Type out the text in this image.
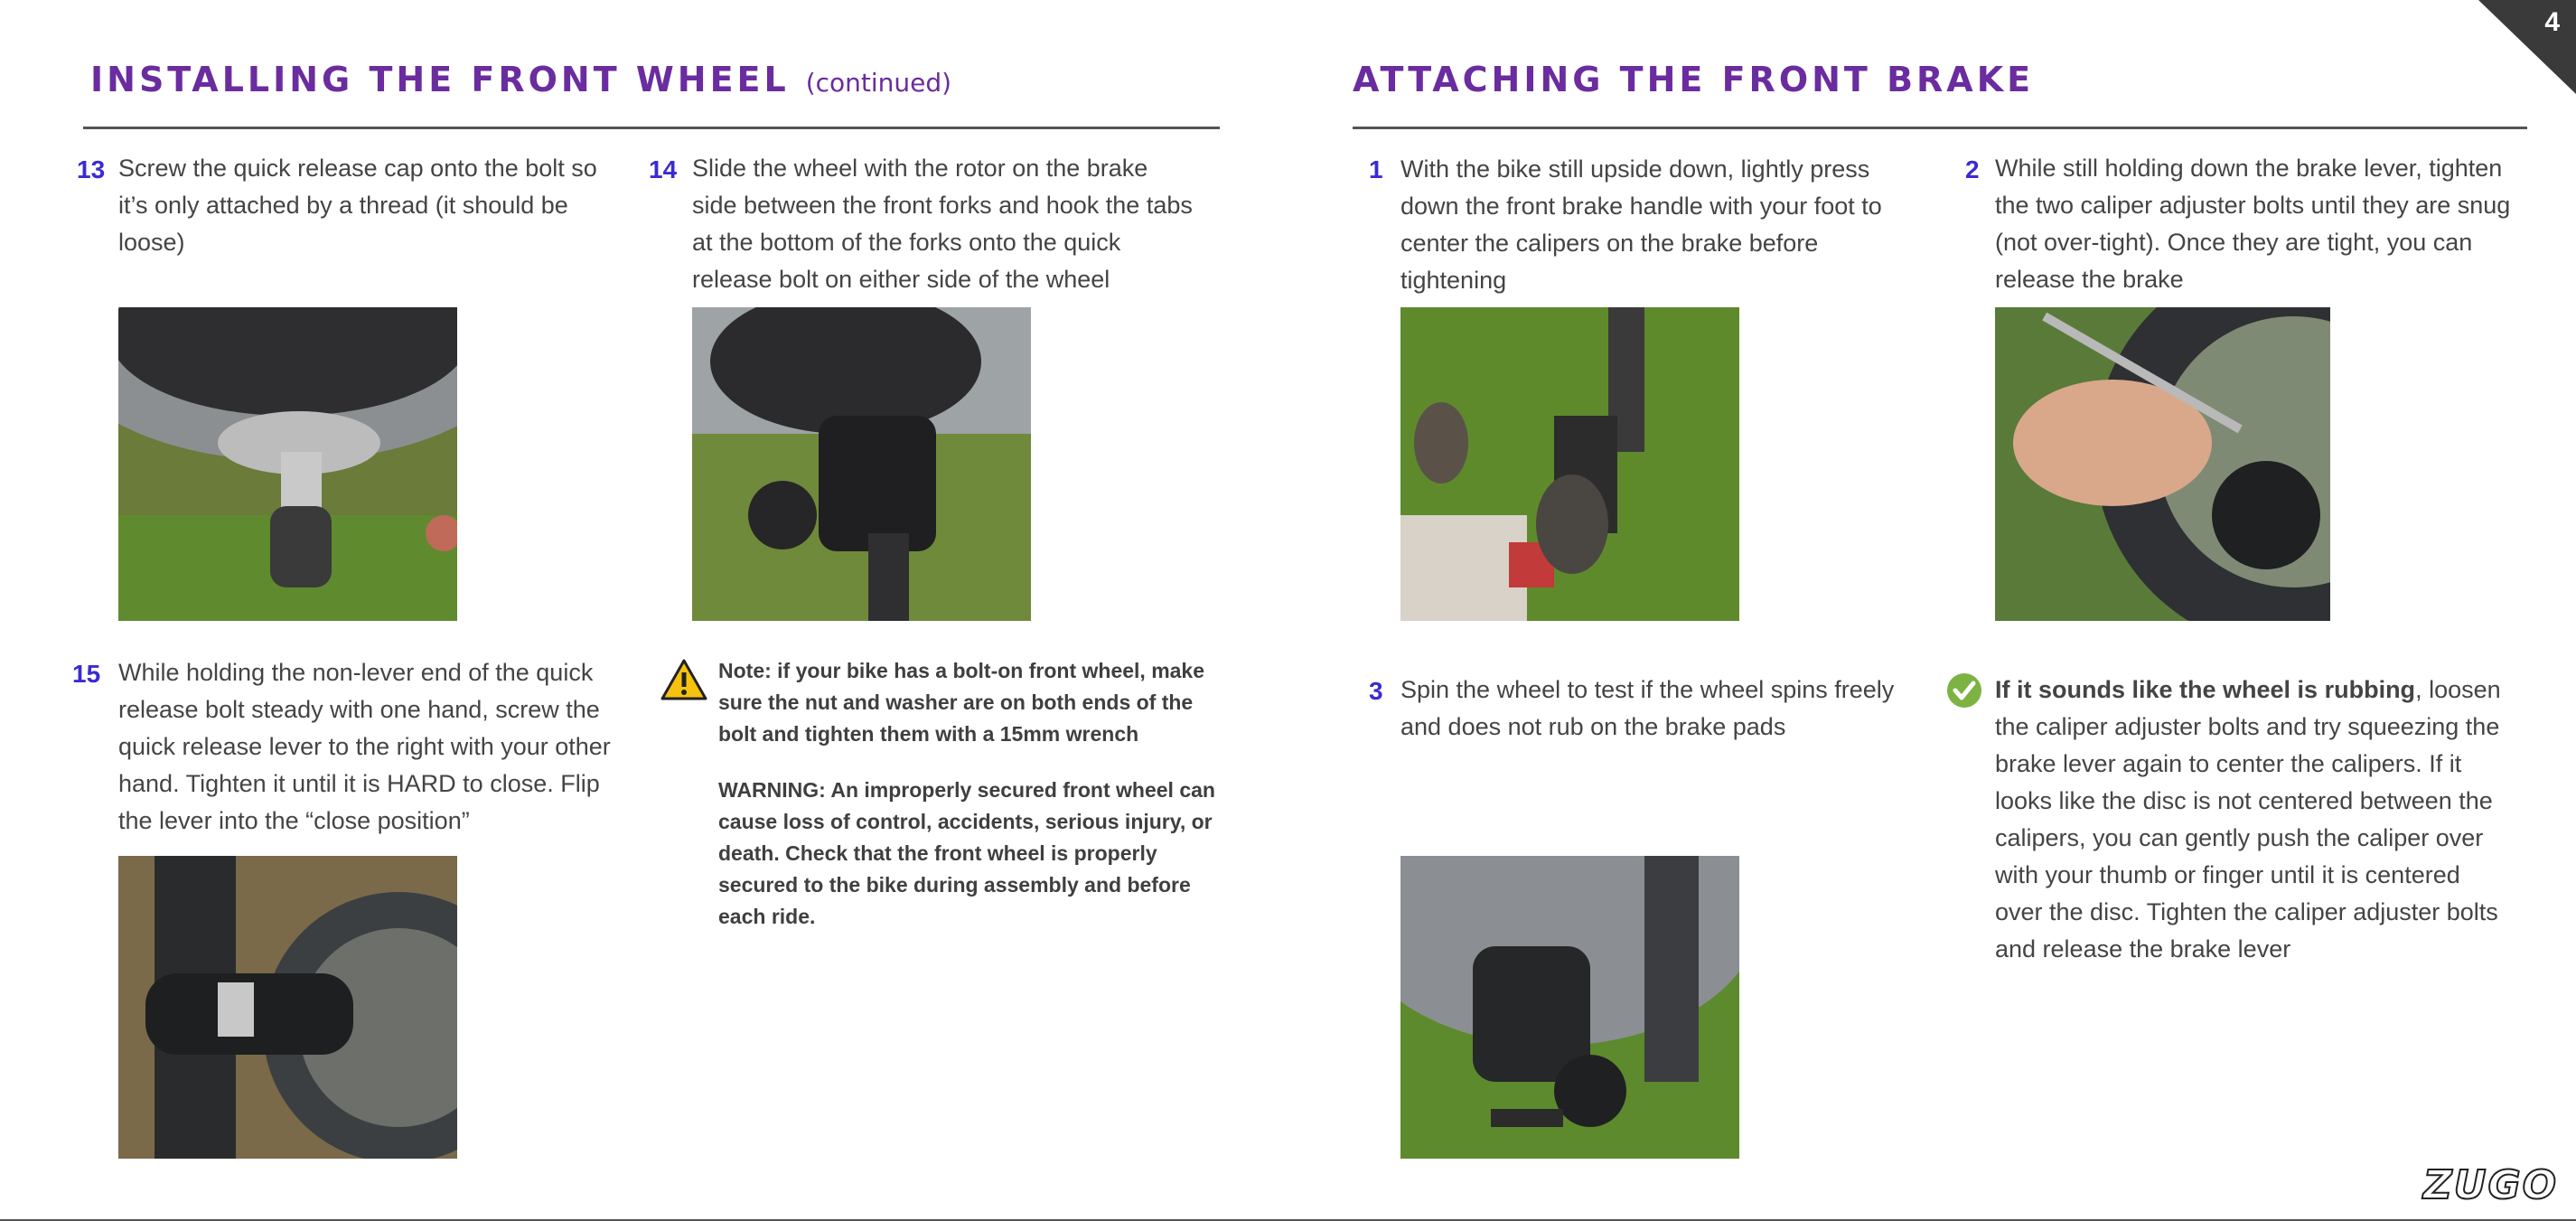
4
INSTALLING THE FRONT WHEEL (continued)
13 Screw the quick release cap onto the bolt so it’s only attached by a thread (it should be loose)
14 Slide the wheel with the rotor on the brake side between the front forks and hook the tabs at the bottom of the forks onto the quick release bolt on either side of the wheel
15 While holding the non-lever end of the quick release bolt steady with one hand, screw the quick release lever to the right with your other hand. Tighten it until it is HARD to close. Flip the lever into the “close position”
Note: if your bike has a bolt-on front wheel, make sure the nut and washer are on both ends of the bolt and tighten them with a 15mm wrench
WARNING: An improperly secured front wheel can cause loss of control, accidents, serious injury, or death. Check that the front wheel is properly secured to the bike during assembly and before each ride.
ATTACHING THE FRONT BRAKE
1 With the bike still upside down, lightly press down the front brake handle with your foot to center the calipers on the brake before tightening
2 While still holding down the brake lever, tighten the two caliper adjuster bolts until they are snug (not over-tight). Once they are tight, you can release the brake
3 Spin the wheel to test if the wheel spins freely and does not rub on the brake pads
If it sounds like the wheel is rubbing, loosen the caliper adjuster bolts and try squeezing the brake lever again to center the calipers. If it looks like the disc is not centered between the calipers, you can gently push the caliper over with your thumb or finger until it is centered over the disc. Tighten the caliper adjuster bolts and release the brake lever
ZUGO
